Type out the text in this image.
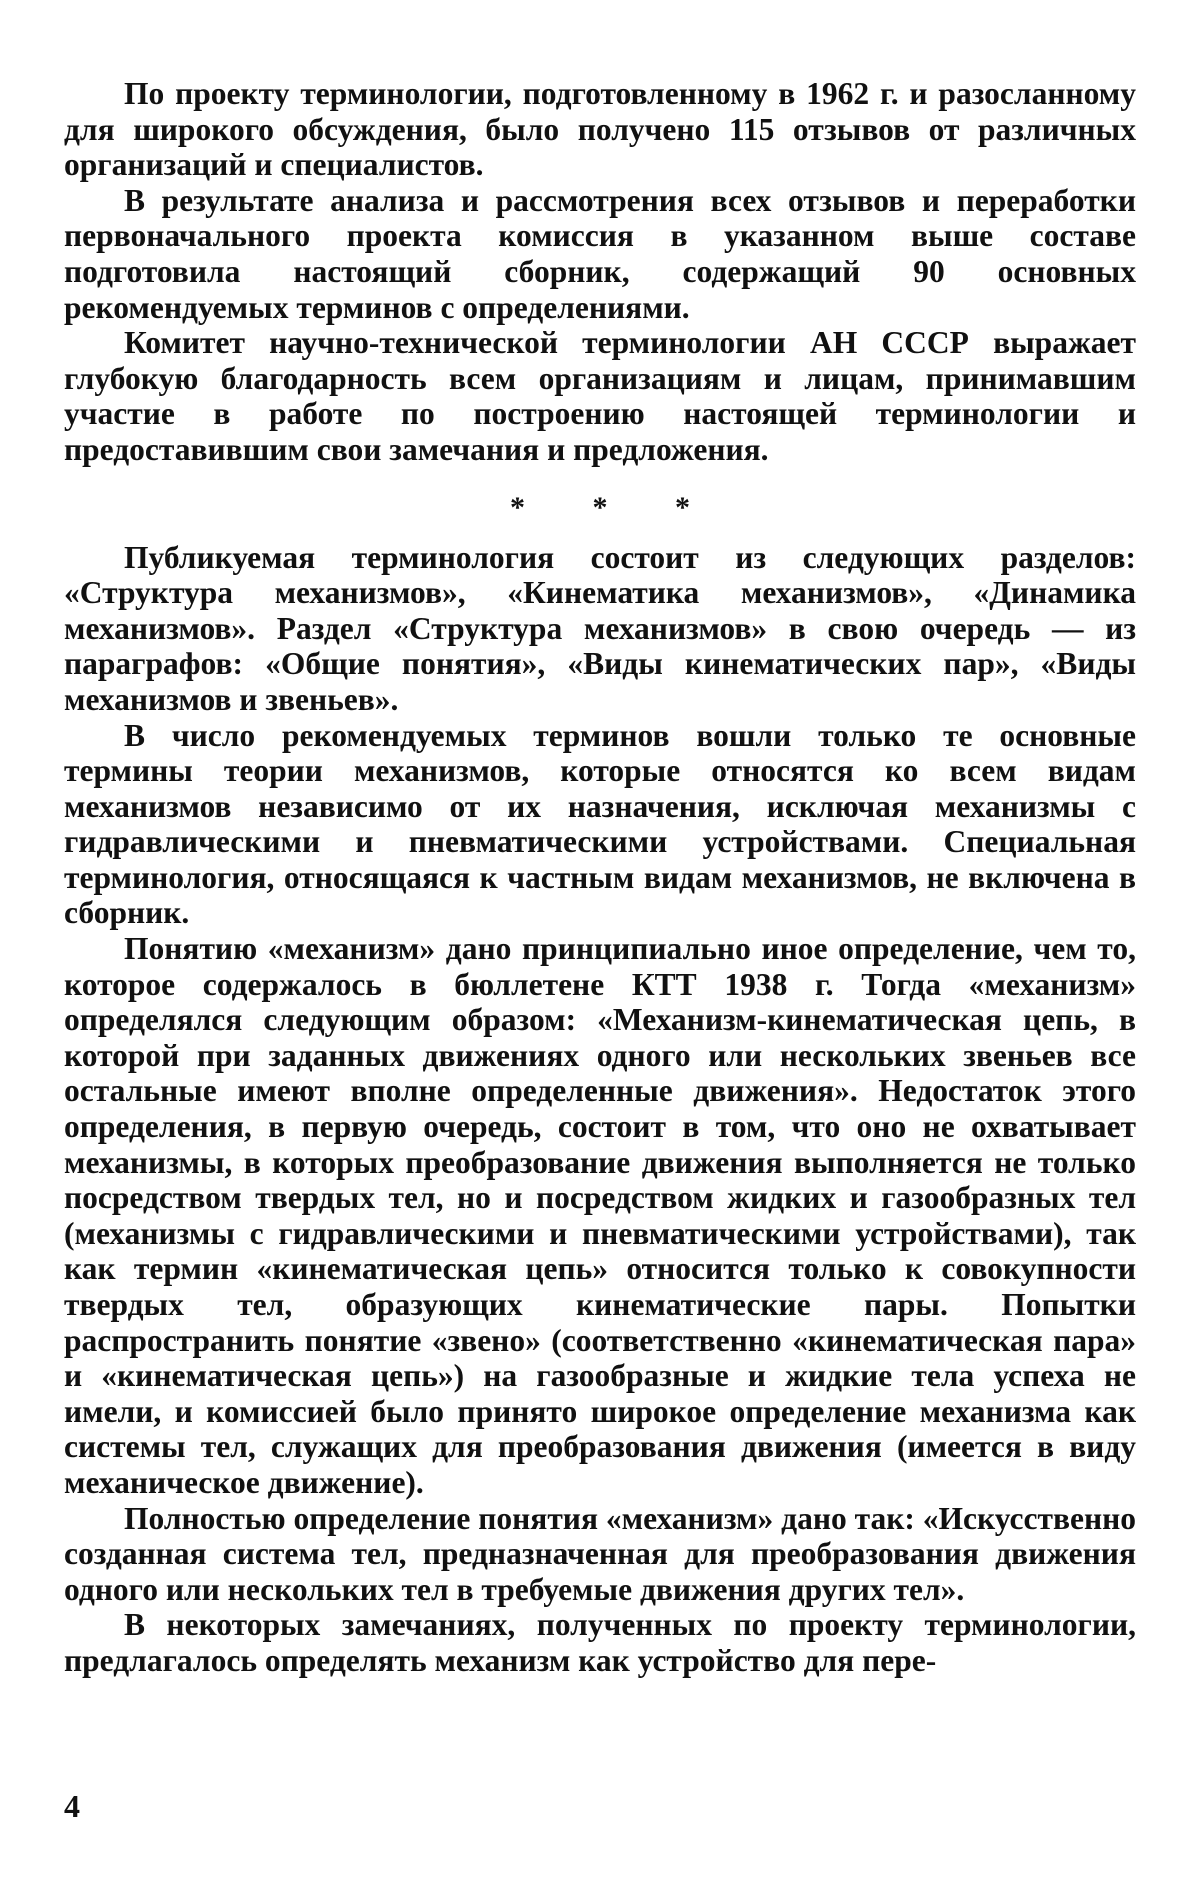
По проекту терминологии, подготовленному в 1962 г. и разосланному для широкого обсуждения, было получено 115 отзывов от различных организаций и специалистов.

В результате анализа и рассмотрения всех отзывов и переработки первоначального проекта комиссия в указанном выше составе подготовила настоящий сборник, содержащий 90 основных рекомендуемых терминов с определениями.

Комитет научно-технической терминологии АН СССР выражает глубокую благодарность всем организациям и лицам, принимавшим участие в работе по построению настоящей терминологии и предоставившим свои замечания и предложения.

* * *

Публикуемая терминология состоит из следующих разделов: «Структура механизмов», «Кинематика механизмов», «Динамика механизмов». Раздел «Структура механизмов» в свою очередь — из параграфов: «Общие понятия», «Виды кинематических пар», «Виды механизмов и звеньев».

В число рекомендуемых терминов вошли только те основные термины теории механизмов, которые относятся ко всем видам механизмов независимо от их назначения, исключая механизмы с гидравлическими и пневматическими устройствами. Специальная терминология, относящаяся к частным видам механизмов, не включена в сборник.

Понятию «механизм» дано принципиально иное определение, чем то, которое содержалось в бюллетене КТТ 1938 г. Тогда «механизм» определялся следующим образом: «Механизм-кинематическая цепь, в которой при заданных движениях одного или нескольких звеньев все остальные имеют вполне определенные движения». Недостаток этого определения, в первую очередь, состоит в том, что оно не охватывает механизмы, в которых преобразование движения выполняется не только посредством твердых тел, но и посредством жидких и газообразных тел (механизмы с гидравлическими и пневматическими устройствами), так как термин «кинематическая цепь» относится только к совокупности твердых тел, образующих кинематические пары. Попытки распространить понятие «звено» (соответственно «кинематическая пара» и «кинематическая цепь») на газообразные и жидкие тела успеха не имели, и комиссией было принято широкое определение механизма как системы тел, служащих для преобразования движения (имеется в виду механическое движение).

Полностью определение понятия «механизм» дано так: «Искусственно созданная система тел, предназначенная для преобразования движения одного или нескольких тел в требуемые движения других тел».

В некоторых замечаниях, полученных по проекту терминологии, предлагалось определять механизм как устройство для пере-

4
